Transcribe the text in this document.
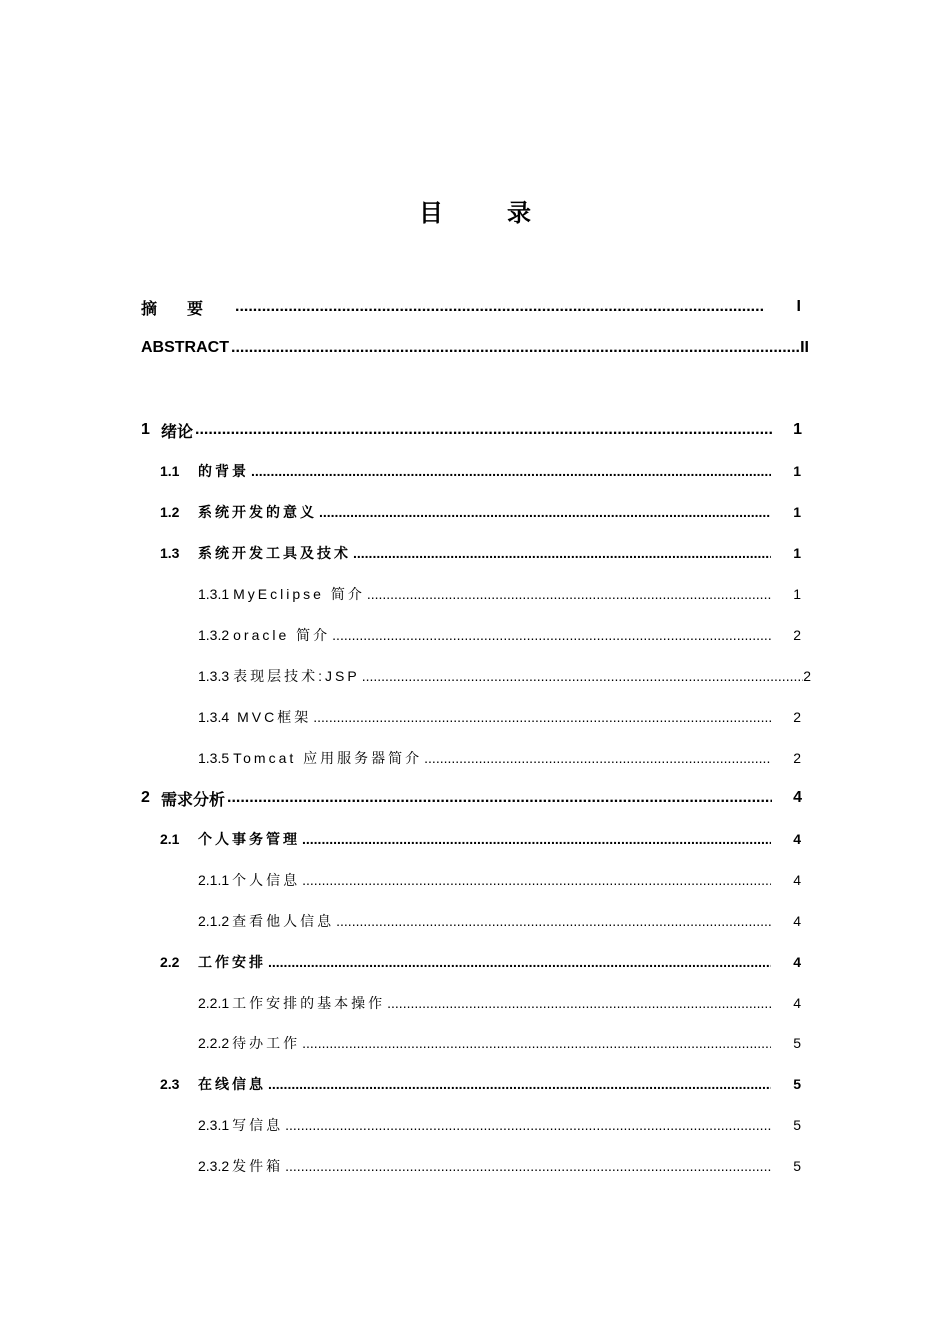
目录
摘要 .....	I
ABSTRACT .....	II
1 绪论 .....	1
1.1	的背景 .....	1
1.2	系统开发的意义 .....	1
1.3	系统开发工具及技术 .....	1
1.3.1 MyEclipse 简介 .....	1
1.3.2 oracle 简介 .....	2
1.3.3 表现层技术:JSP .....	2
1.3.4 MVC框架 .....	2
1.3.5 Tomcat 应用服务器简介 .....	2
2 需求分析 .....	4
2.1	个人事务管理 .....	4
2.1.1 个人信息 .....	4
2.1.2 查看他人信息 .....	4
2.2	工作安排 .....	4
2.2.1 工作安排的基本操作 .....	4
2.2.2 待办工作 .....	5
2.3	在线信息 .....	5
2.3.1 写信息 .....	5
2.3.2 发件箱 .....	5
